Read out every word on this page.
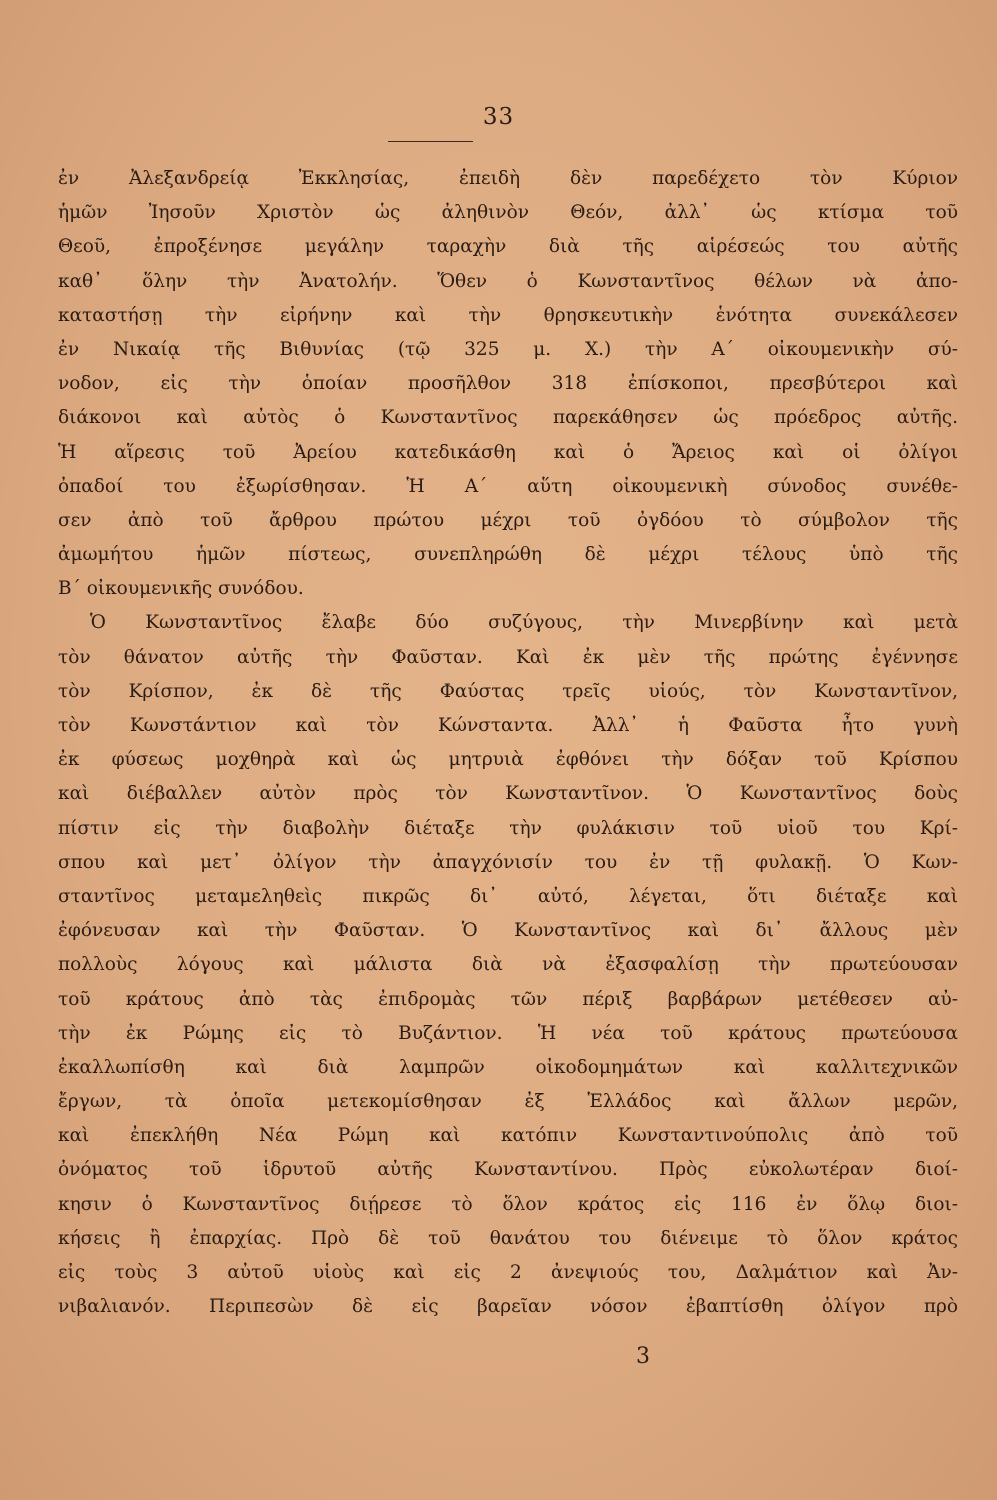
33
ἐν Ἀλεξανδρείᾳ Ἐκκλησίας, ἐπειδὴ δὲν παρεδέχετο τὸν Κύριον
ἡμῶν Ἰησοῦν Χριστὸν ὡς ἀληθινὸν Θεόν, ἀλλ᾽ ὡς κτίσμα τοῦ
Θεοῦ, ἐπροξένησε μεγάλην ταραχὴν διὰ τῆς αἱρέσεώς του αὐτῆς
καθ᾽ ὅλην τὴν Ἀνατολήν. Ὅθεν ὁ Κωνσταντῖνος θέλων νὰ ἀπο-
καταστήσῃ τὴν εἰρήνην καὶ τὴν θρησκευτικὴν ἑνότητα συνεκάλεσεν
ἐν Νικαίᾳ τῆς Βιθυνίας (τῷ 325 μ. Χ.) τὴν Α΄ οἰκουμενικὴν σύ-
νοδον, εἰς τὴν ὁποίαν προσῆλθον 318 ἐπίσκοποι, πρεσβύτεροι καὶ
διάκονοι καὶ αὐτὸς ὁ Κωνσταντῖνος παρεκάθησεν ὡς πρόεδρος αὐτῆς.
Ἡ αἵρεσις τοῦ Ἀρείου κατεδικάσθη καὶ ὁ Ἄρειος καὶ οἱ ὀλίγοι
ὀπαδοί του ἐξωρίσθησαν. Ἡ Α΄ αὕτη οἰκουμενικὴ σύνοδος συνέθε-
σεν ἀπὸ τοῦ ἄρθρου πρώτου μέχρι τοῦ ὀγδόου τὸ σύμβολον τῆς
ἀμωμήτου ἡμῶν πίστεως, συνεπληρώθη δὲ μέχρι τέλους ὑπὸ τῆς
Β΄ οἰκουμενικῆς συνόδου.
Ὁ Κωνσταντῖνος ἔλαβε δύο συζύγους, τὴν Μινερβίνην καὶ μετὰ
τὸν θάνατον αὐτῆς τὴν Φαῦσταν. Καὶ ἐκ μὲν τῆς πρώτης ἐγέννησε
τὸν Κρίσπον, ἐκ δὲ τῆς Φαύστας τρεῖς υἱούς, τὸν Κωνσταντῖνον,
τὸν Κωνστάντιον καὶ τὸν Κώνσταντα. Ἀλλ᾽ ἡ Φαῦστα ἦτο γυνὴ
ἐκ φύσεως μοχθηρὰ καὶ ὡς μητρυιὰ ἐφθόνει τὴν δόξαν τοῦ Κρίσπου
καὶ διέβαλλεν αὐτὸν πρὸς τὸν Κωνσταντῖνον. Ὁ Κωνσταντῖνος δοὺς
πίστιν εἰς τὴν διαβολὴν διέταξε τὴν φυλάκισιν τοῦ υἱοῦ του Κρί-
σπου καὶ μετ᾽ ὀλίγον τὴν ἀπαγχόνισίν του ἐν τῇ φυλακῇ. Ὁ Κων-
σταντῖνος μεταμεληθεὶς πικρῶς δι᾽ αὐτό, λέγεται, ὅτι διέταξε καὶ
ἐφόνευσαν καὶ τὴν Φαῦσταν. Ὁ Κωνσταντῖνος καὶ δι᾽ ἄλλους μὲν
πολλοὺς λόγους καὶ μάλιστα διὰ νὰ ἐξασφαλίσῃ τὴν πρωτεύουσαν
τοῦ κράτους ἀπὸ τὰς ἐπιδρομὰς τῶν πέριξ βαρβάρων μετέθεσεν αὐ-
τὴν ἐκ Ρώμης εἰς τὸ Βυζάντιον. Ἡ νέα τοῦ κράτους πρωτεύουσα
ἐκαλλωπίσθη καὶ διὰ λαμπρῶν οἰκοδομημάτων καὶ καλλιτεχνικῶν
ἔργων, τὰ ὁποῖα μετεκομίσθησαν ἐξ Ἑλλάδος καὶ ἄλλων μερῶν,
καὶ ἐπεκλήθη Νέα Ρώμη καὶ κατόπιν Κωνσταντινούπολις ἀπὸ τοῦ
ὀνόματος τοῦ ἱδρυτοῦ αὐτῆς Κωνσταντίνου. Πρὸς εὐκολωτέραν διοί-
κησιν ὁ Κωνσταντῖνος διῄρεσε τὸ ὅλον κράτος εἰς 116 ἐν ὅλῳ διοι-
κήσεις ἢ ἐπαρχίας. Πρὸ δὲ τοῦ θανάτου του διένειμε τὸ ὅλον κράτος
εἰς τοὺς 3 αὐτοῦ υἱοὺς καὶ εἰς 2 ἀνεψιούς του, Δαλμάτιον καὶ Ἀν-
νιβαλιανόν. Περιπεσὼν δὲ εἰς βαρεῖαν νόσον ἐβαπτίσθη ὀλίγον πρὸ
3
